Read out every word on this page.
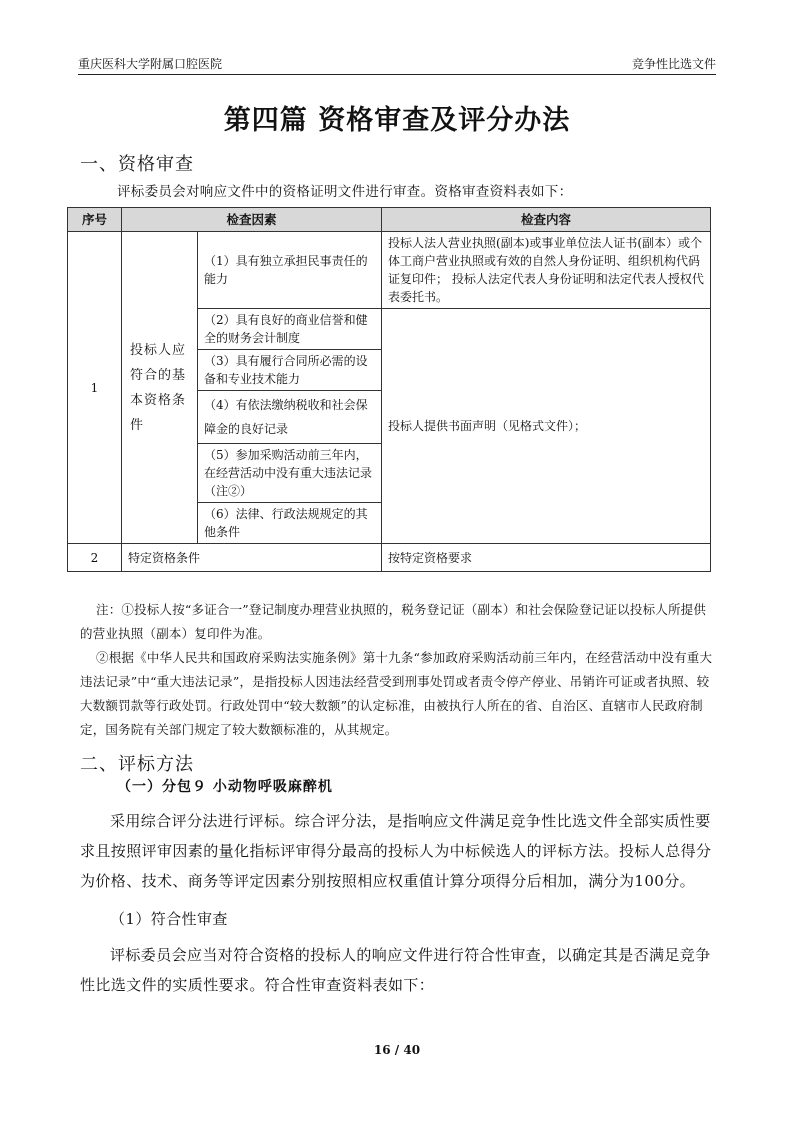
重庆医科大学附属口腔医院	竞争性比选文件
第四篇 资格审查及评分办法
一、资格审查
评标委员会对响应文件中的资格证明文件进行审查。资格审查资料表如下：
序号	检查因素		检查内容
1	投标人应符合的基本资格条件	（1）具有独立承担民事责任的能力	投标人法人营业执照(副本)或事业单位法人证书(副本）或个体工商户营业执照或有效的自然人身份证明、组织机构代码证复印件； 投标人法定代表人身份证明和法定代表人授权代表委托书。
		（2）具有良好的商业信誉和健全的财务会计制度	投标人提供书面声明（见格式文件）；
		（3）具有履行合同所必需的设备和专业技术能力	
		（4）有依法缴纳税收和社会保障金的良好记录	
		（5）参加采购活动前三年内，在经营活动中没有重大违法记录（注②）	
		（6）法律、行政法规规定的其他条件	
2	特定资格条件		按特定资格要求

注：①投标人按“多证合一”登记制度办理营业执照的，税务登记证（副本）和社会保险登记证以投标人所提供的营业执照（副本）复印件为准。

②根据《中华人民共和国政府采购法实施条例》第十九条“参加政府采购活动前三年内，在经营活动中没有重大违法记录”中“重大违法记录”，是指投标人因违法经营受到刑事处罚或者责令停产停业、吊销许可证或者执照、较大数额罚款等行政处罚。行政处罚中“较大数额”的认定标准，由被执行人所在的省、自治区、直辖市人民政府制定，国务院有关部门规定了较大数额标准的，从其规定。

二、评标方法
（一）分包９ 小动物呼吸麻醉机

采用综合评分法进行评标。综合评分法，是指响应文件满足竞争性比选文件全部实质性要求且按照评审因素的量化指标评审得分最高的投标人为中标候选人的评标方法。投标人总得分为价格、技术、商务等评定因素分别按照相应权重值计算分项得分后相加，满分为100分。

（1）符合性审查

评标委员会应当对符合资格的投标人的响应文件进行符合性审查，以确定其是否满足竞争性比选文件的实质性要求。符合性审查资料表如下：

16 / 40
